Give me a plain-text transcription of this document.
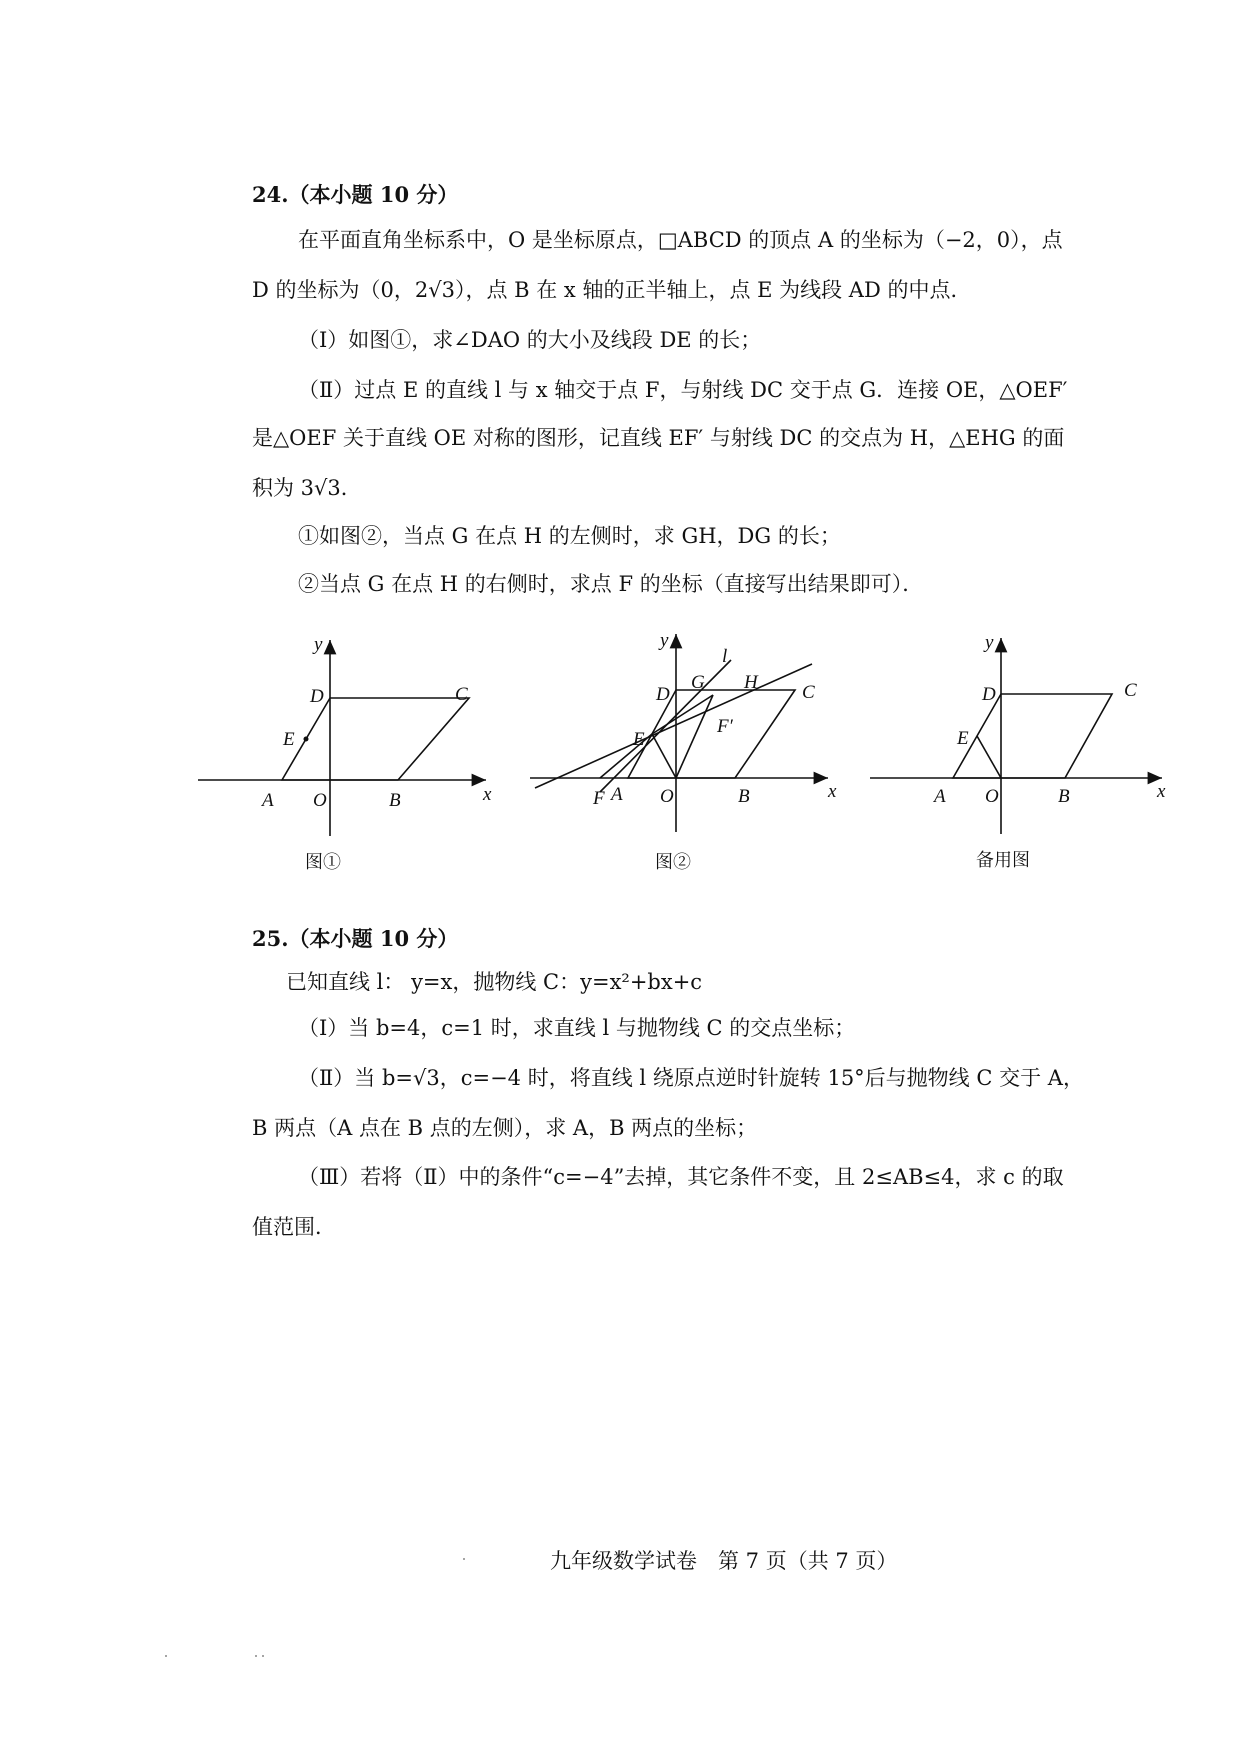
24.（本小题 10 分）
在平面直角坐标系中，O 是坐标原点，□ABCD 的顶点 A 的坐标为（−2，0），点
D 的坐标为（0，2√3），点 B 在 x 轴的正半轴上，点 E 为线段 AD 的中点．
（Ⅰ）如图①，求∠DAO 的大小及线段 DE 的长；
（Ⅱ）过点 E 的直线 l 与 x 轴交于点 F，与射线 DC 交于点 G．连接 OE，△OEF′
是△OEF 关于直线 OE 对称的图形，记直线 EF′ 与射线 DC 的交点为 H，△EHG 的面
积为 3√3．
①如图②，当点 G 在点 H 的左侧时，求 GH，DG 的长；
②当点 G 在点 H 的右侧时，求点 F 的坐标（直接写出结果即可）．
y
D	C
E
A O	B	x
y
l
D
G H C
E
F′
F A O	B	x
y
D	C
E
A O	B	x
图①	图②	备用图
25.（本小题 10 分）
已知直线 l： y=x，抛物线 C：y=x²+bx+c
（Ⅰ）当 b=4，c=1 时，求直线 l 与抛物线 C 的交点坐标；
（Ⅱ）当 b=√3，c=−4 时，将直线 l 绕原点逆时针旋转 15°后与抛物线 C 交于 A，
B 两点（A 点在 B 点的左侧），求 A，B 两点的坐标；
（Ⅲ）若将（Ⅱ）中的条件“c=−4”去掉，其它条件不变，且 2≤AB≤4，求 c 的取
值范围．
九年级数学试卷　第 7 页（共 7 页）
